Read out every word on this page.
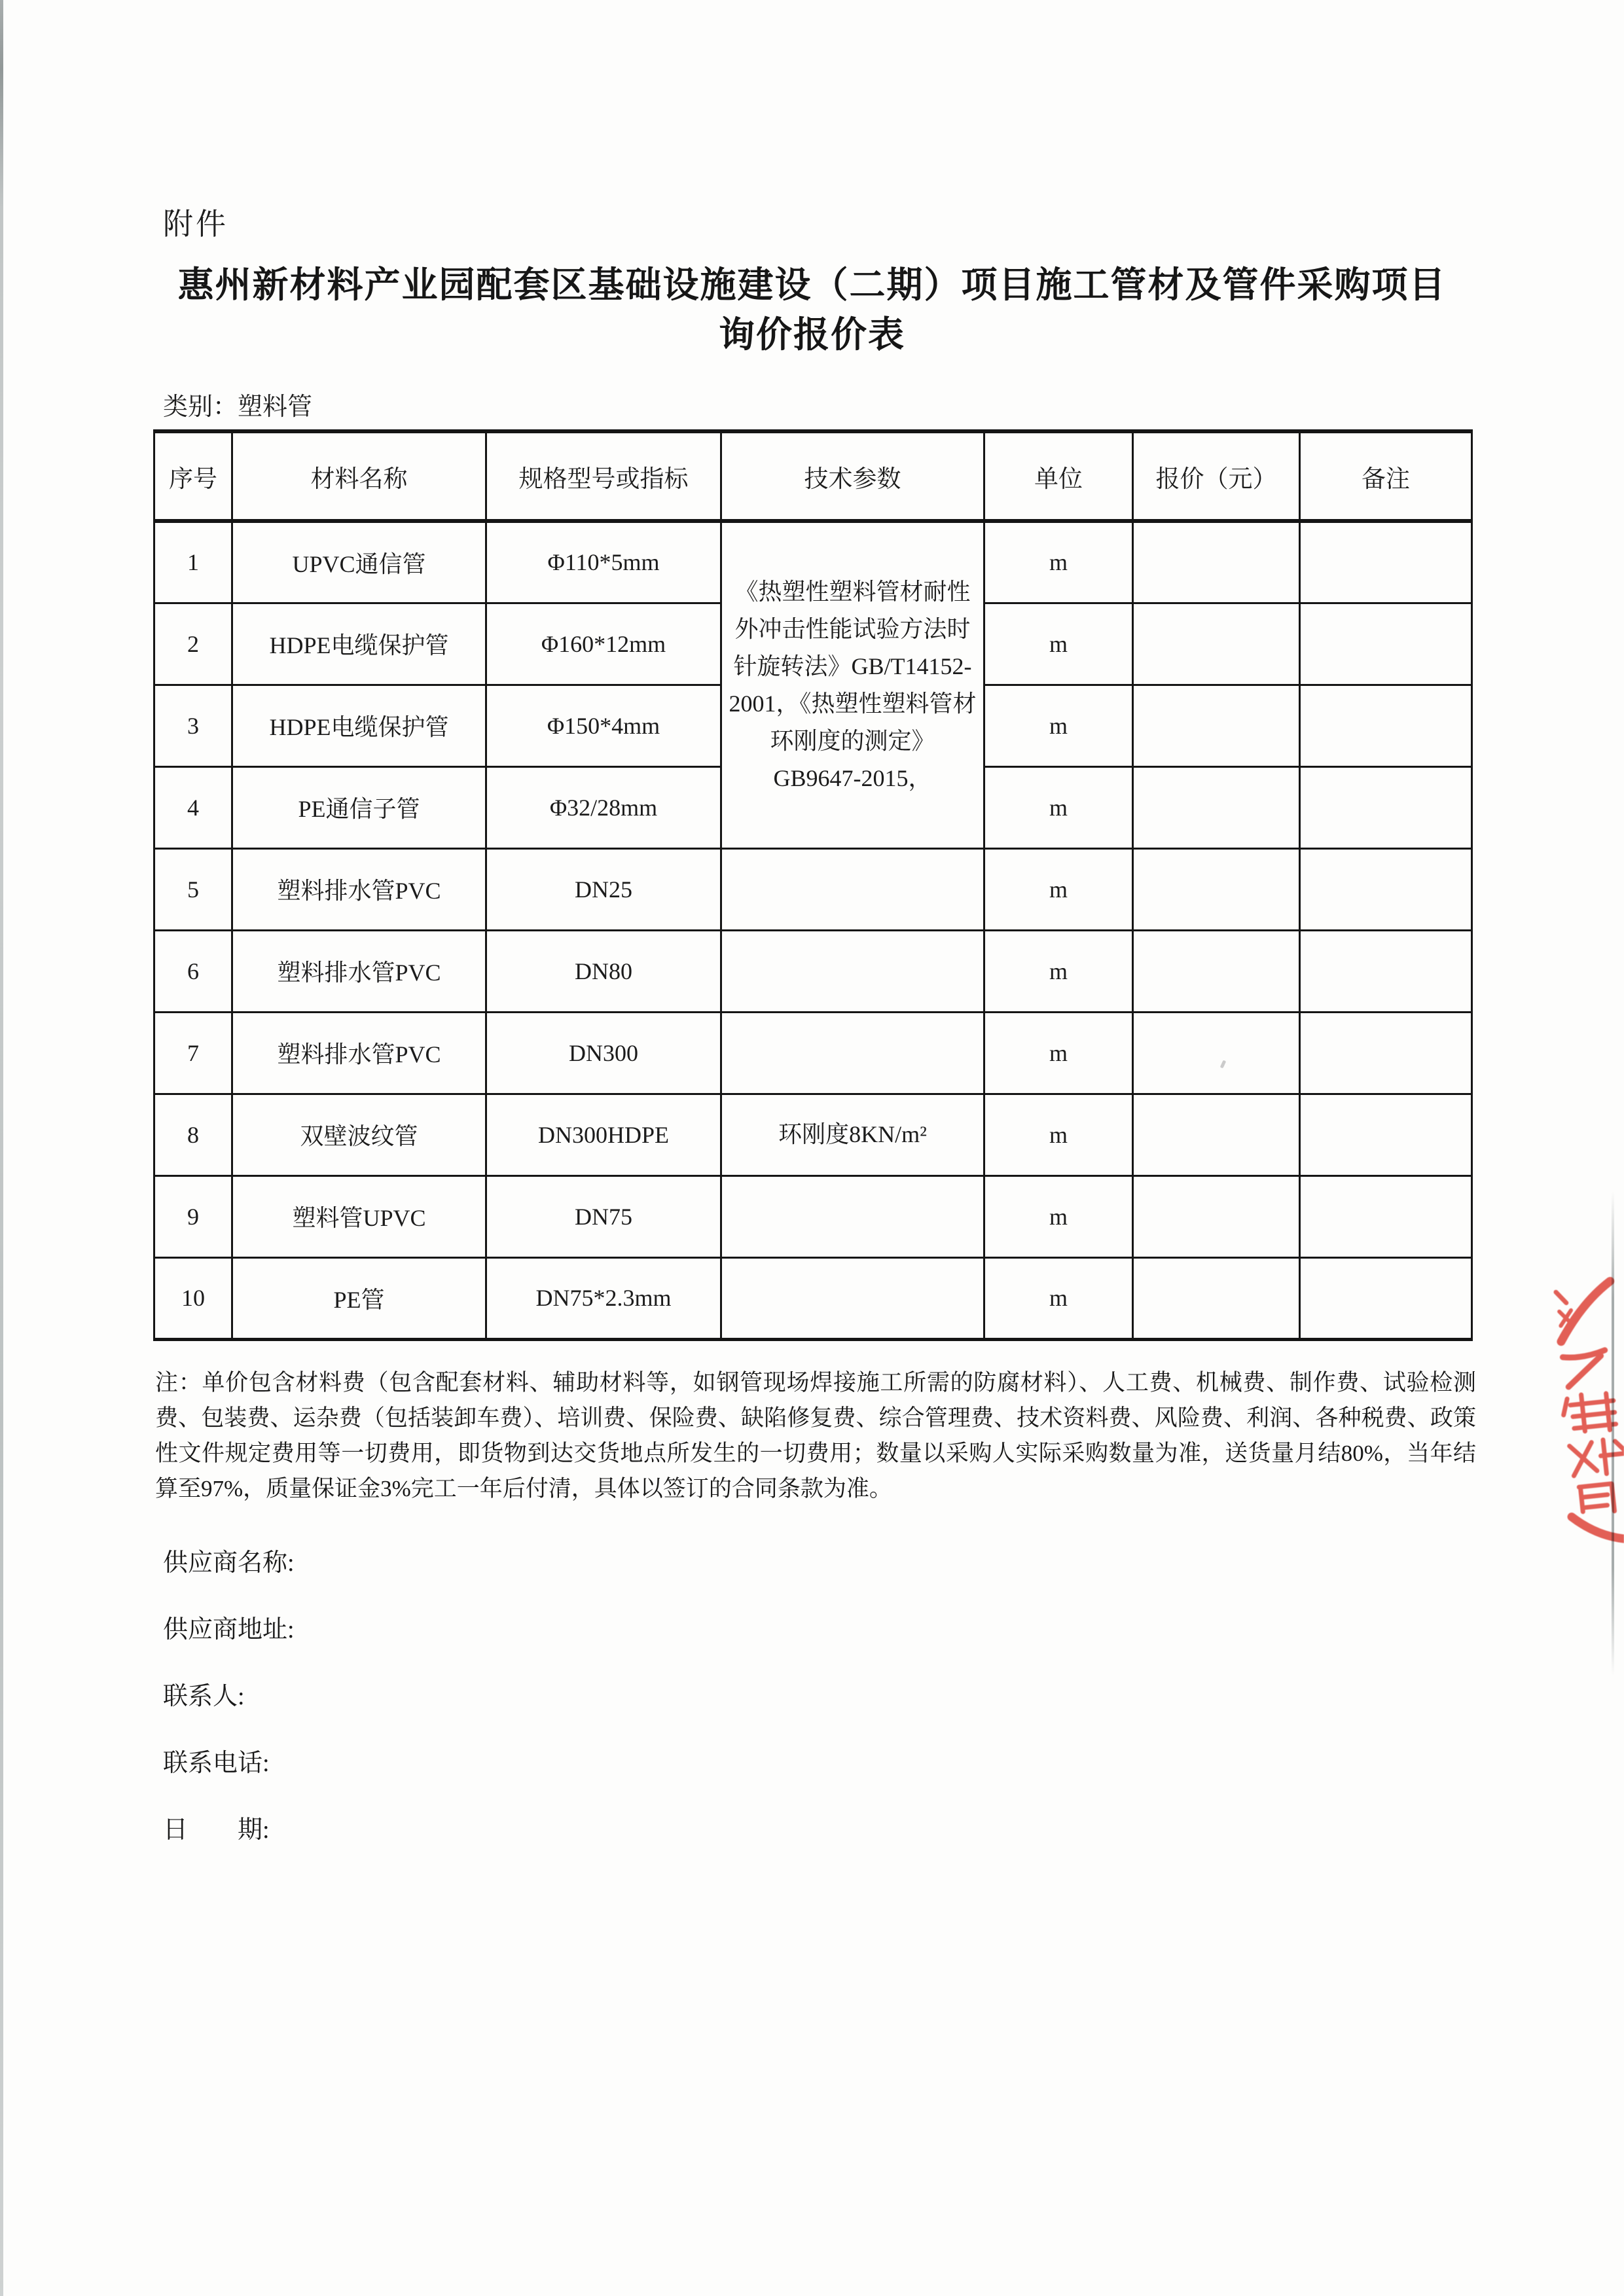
附件
惠州新材料产业园配套区基础设施建设（二期）项目施工管材及管件采购项目
询价报价表
类别：塑料管
序号	材料名称	规格型号或指标	技术参数	单位	报价（元）	备注
1	UPVC通信管	Φ110*5mm	《热塑性塑料管材耐性外冲击性能试验方法时针旋转法》GB/T14152-2001，《热塑性塑料管材环刚度的测定》GB9647-2015，	m		
2	HDPE电缆保护管	Φ160*12mm		m		
3	HDPE电缆保护管	Φ150*4mm		m		
4	PE通信子管	Φ32/28mm		m		
5	塑料排水管PVC	DN25		m		
6	塑料排水管PVC	DN80		m		
7	塑料排水管PVC	DN300		m		
8	双壁波纹管	DN300HDPE	环刚度8KN/m²	m		
9	塑料管UPVC	DN75		m		
10	PE管	DN75*2.3mm		m		
注：单价包含材料费（包含配套材料、辅助材料等，如钢管现场焊接施工所需的防腐材料）、人工费、机械费、制作费、试验检测费、包装费、运杂费（包括装卸车费）、培训费、保险费、缺陷修复费、综合管理费、技术资料费、风险费、利润、各种税费、政策性文件规定费用等一切费用，即货物到达交货地点所发生的一切费用；数量以采购人实际采购数量为准，送货量月结80%，当年结算至97%，质量保证金3%完工一年后付清，具体以签订的合同条款为准。
供应商名称:
供应商地址:
联系人:
联系电话:
日　　期:
